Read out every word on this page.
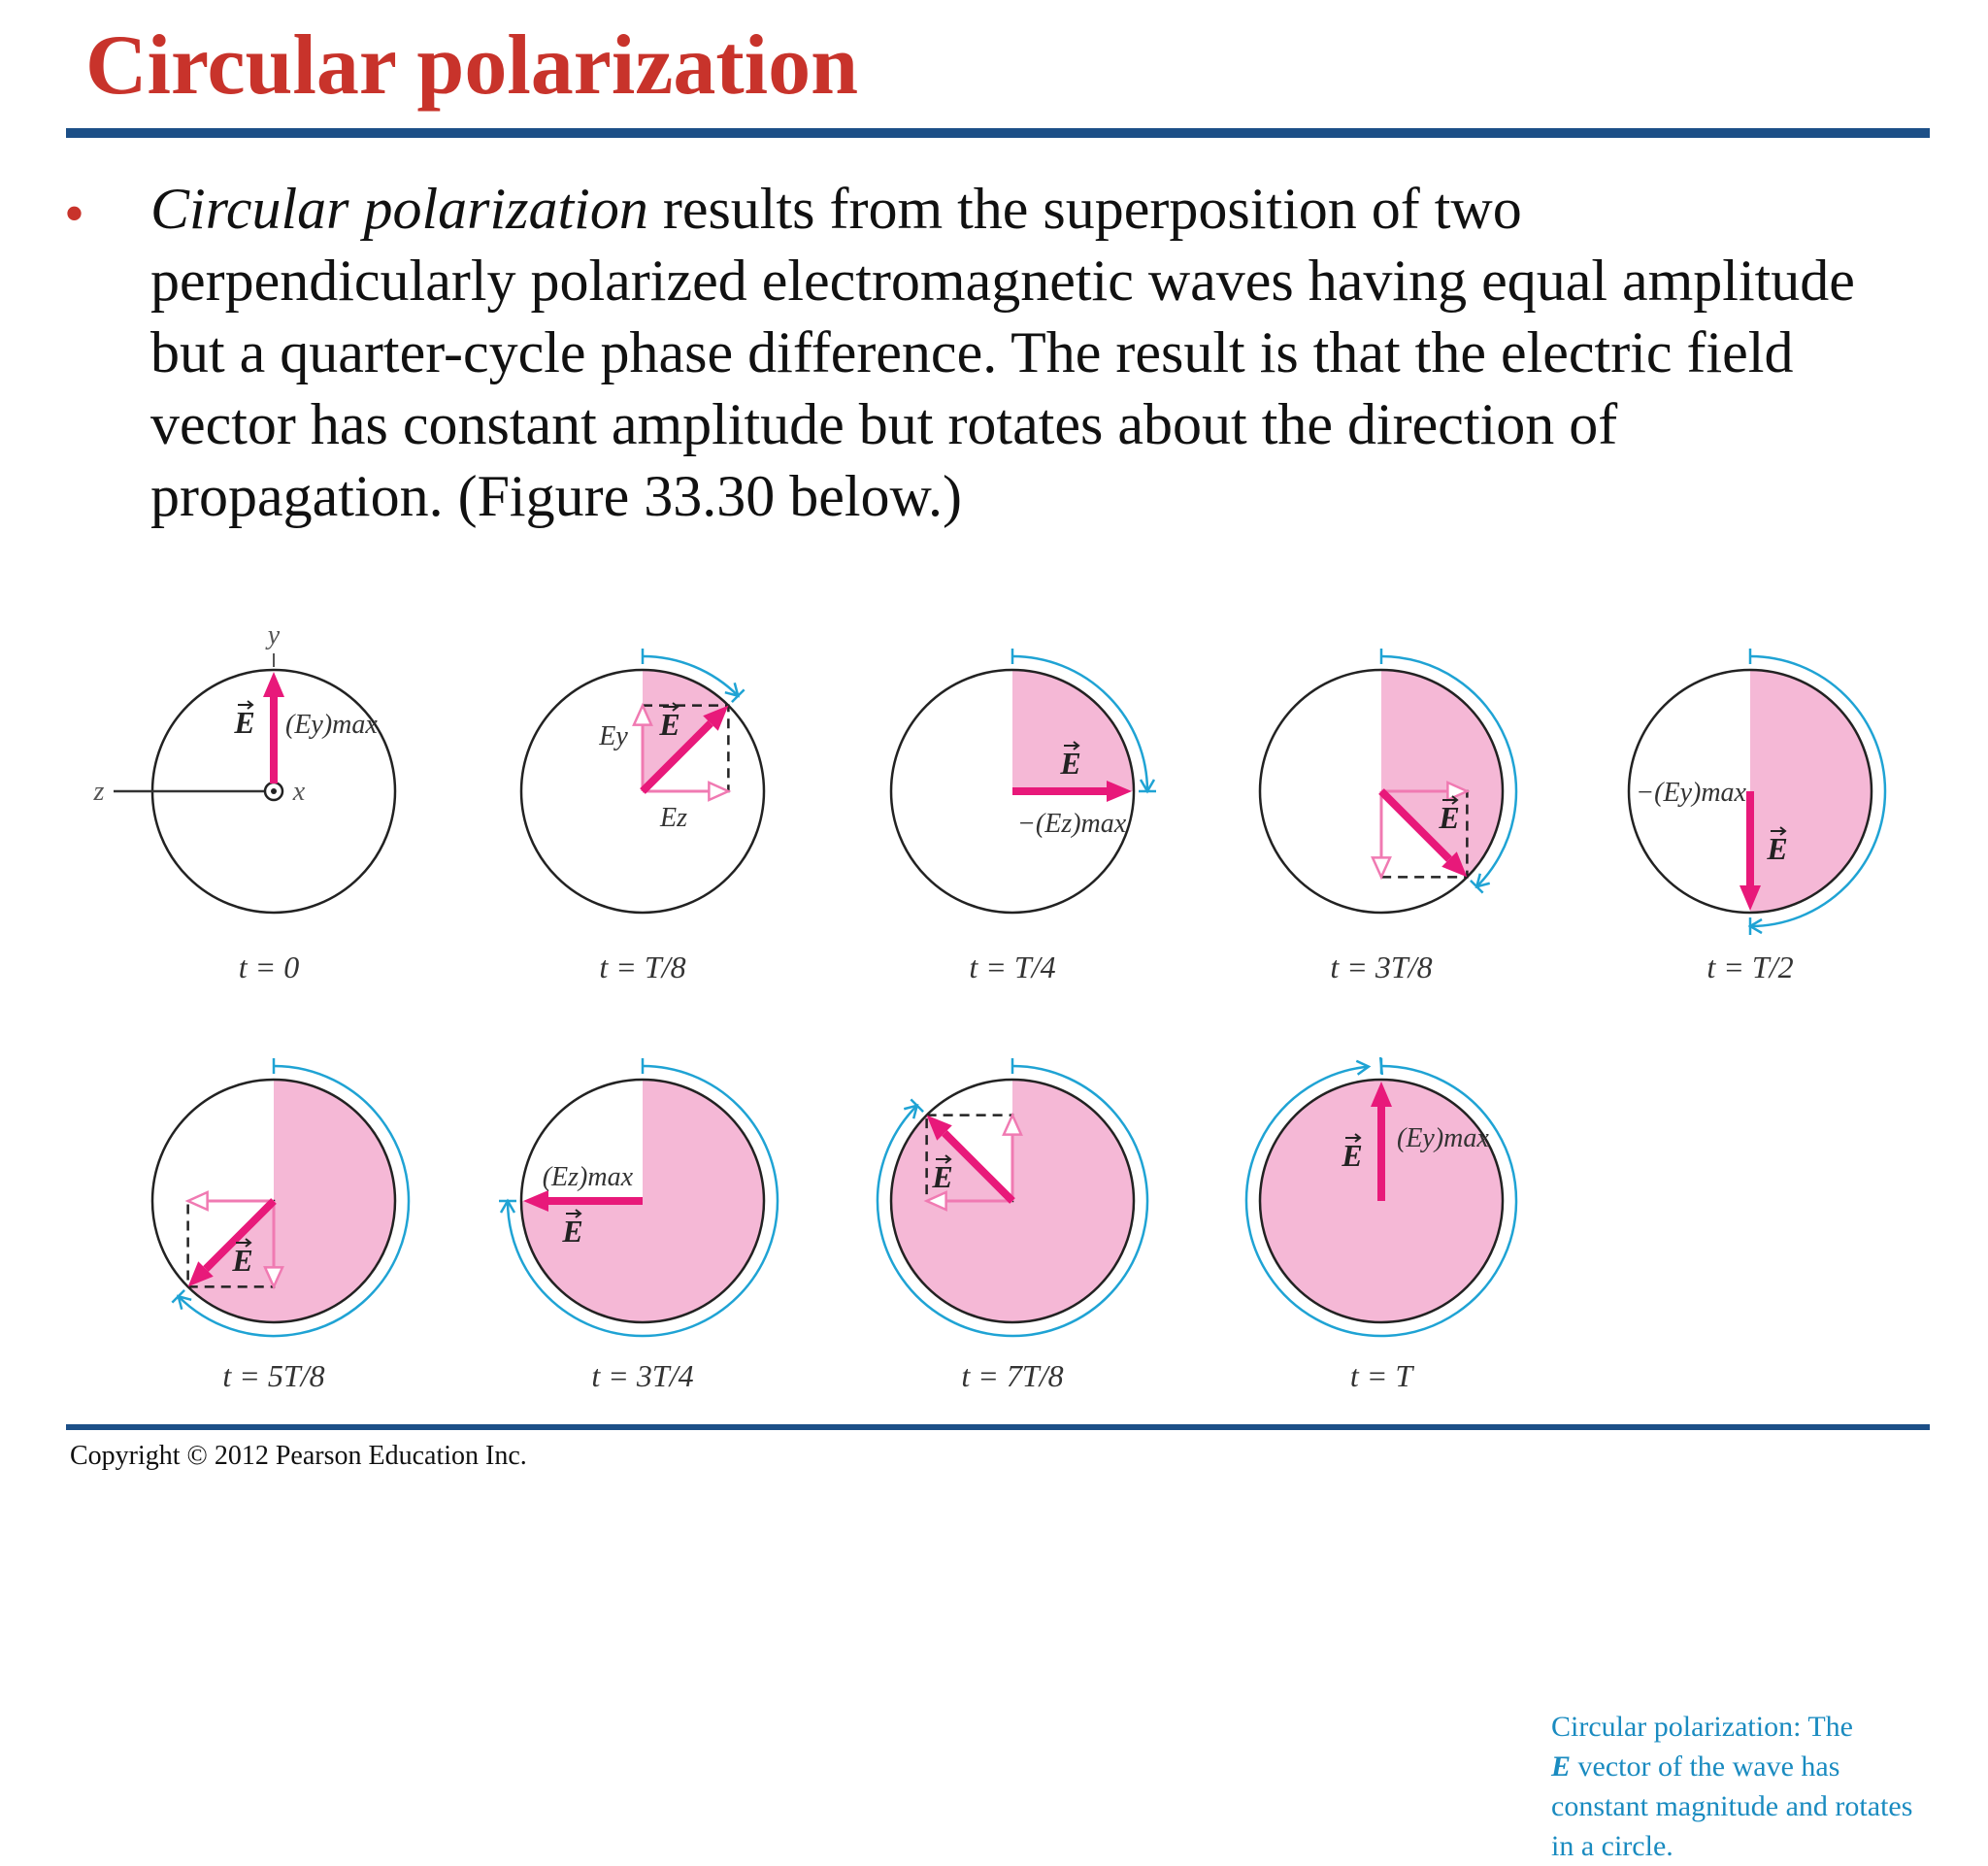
Circular polarization
• Circular polarization results from the superposition of two perpendicularly polarized electromagnetic waves having equal amplitude but a quarter-cycle phase difference. The result is that the electric field vector has constant amplitude but rotates about the direction of propagation. (Figure 33.30 below.)

t = 0
y
z	x
E (Ey)max
t = T/8
E
Ey
Ez
t = T/4
E
−(Ez)max
t = 3T/8
E
t = T/2
E
−(Ey)max
t = 5T/8
E
t = 3T/4
E
(Ez)max
t = 7T/8
E
t = T
E (Ey)max

Circular polarization: The
E vector of the wave has constant magnitude and rotates in a circle.

Copyright © 2012 Pearson Education Inc.
